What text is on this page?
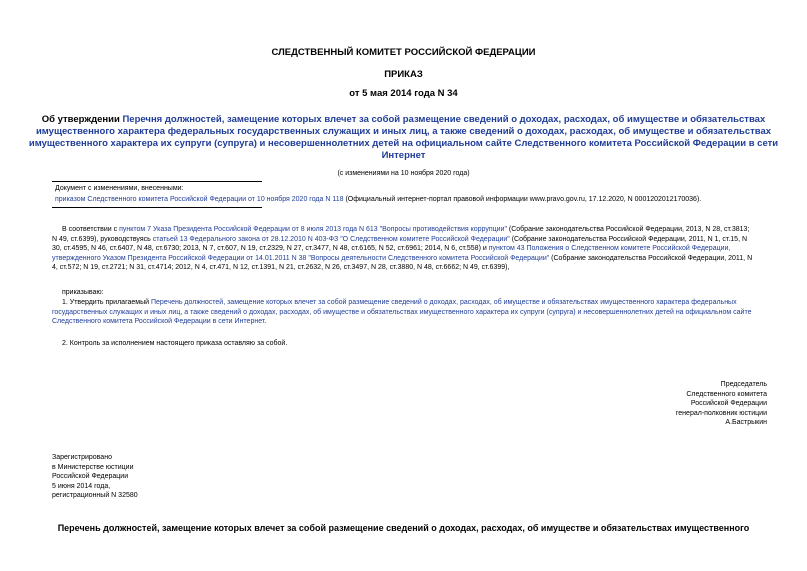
СЛЕДСТВЕННЫЙ КОМИТЕТ РОССИЙСКОЙ ФЕДЕРАЦИИ
ПРИКАЗ
от 5 мая 2014 года N 34
Об утверждении Перечня должностей, замещение которых влечет за собой размещение сведений о доходах, расходах, об имуществе и обязательствах
имущественного характера федеральных государственных служащих и иных лиц, а также сведений о доходах, расходах, об имуществе и обязательствах
имущественного характера их супруги (супруга) и несовершеннолетних детей на официальном сайте Следственного комитета Российской Федерации в сети
Интернет
(с изменениями на 10 ноября 2020 года)
Документ с изменениями, внесенными:
приказом Следственного комитета Российской Федерации от 10 ноября 2020 года N 118 (Официальный интернет-портал правовой информации www.pravo.gov.ru, 17.12.2020, N 0001202012170036).
В соответствии с пунктом 7 Указа Президента Российской Федерации от 8 июля 2013 года N 613 "Вопросы противодействия коррупции" (Собрание законодательства Российской Федерации, 2013, N 28, ст.3813;
N 49, ст.6399), руководствуясь статьей 13 Федерального закона от 28.12.2010 N 403-ФЗ "О Следственном комитете Российской Федерации" (Собрание законодательства Российской Федерации, 2011, N 1, ст.15, N
30, ст.4595, N 46, ст.6407, N 48, ст.6730; 2013, N 7, ст.607, N 19, ст.2329, N 27, ст.3477, N 48, ст.6165, N 52, ст.6961; 2014, N 6, ст.558) и пунктом 43 Положения о Следственном комитете Российской Федерации,
утвержденного Указом Президента Российской Федерации от 14.01.2011 N 38 "Вопросы деятельности Следственного комитета Российской Федерации" (Собрание законодательства Российской Федерации, 2011, N
4, ст.572; N 19, ст.2721; N 31, ст.4714; 2012, N 4, ст.471, N 12, ст.1391, N 21, ст.2632, N 26, ст.3497, N 28, ст.3880, N 48, ст.6662; N 49, ст.6399),
приказываю:
1. Утвердить прилагаемый Перечень должностей, замещение которых влечет за собой размещение сведений о доходах, расходах, об имуществе и обязательствах имущественного характера федеральных
государственных служащих и иных лиц, а также сведений о доходах, расходах, об имуществе и обязательствах имущественного характера их супруги (супруга) и несовершеннолетних детей на официальном сайте
Следственного комитета Российской Федерации в сети Интернет.
2. Контроль за исполнением настоящего приказа оставляю за собой.
Председатель
Следственного комитета
Российской Федерации
генерал-полковник юстиции
А.Бастрыкин
Зарегистрировано
в Министерстве юстиции
Российской Федерации
5 июня 2014 года,
регистрационный N 32580
Перечень должностей, замещение которых влечет за собой размещение сведений о доходах, расходах, об имуществе и обязательствах имущественного
